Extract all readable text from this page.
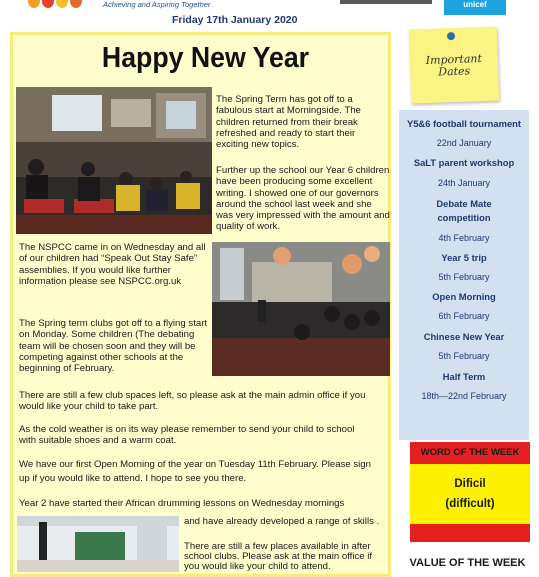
Achieving and Aspiring Together	unicef
Friday 17th January 2020
Happy New Year
The Spring Term has got off to a fabulous start at Morningside. The children returned from their break refreshed and ready to start their exciting new topics.
Further up the school our Year 6 children have been producing some excellent writing. I showed one of our governors around the school last week and she was very impressed with the amount and quality of work.
The NSPCC came in on Wednesday and all of our children had “Speak Out Stay Safe” assemblies. If you would like further information please see NSPCC.org.uk
The Spring term clubs got off to a flying start on Monday. Some children (The debating team will be chosen soon and they will be competing against other schools at the beginning of February.
There are still a few club spaces left, so please ask at the main admin office if you would like your child to take part.
As the cold weather is on its way please remember to send your child to school with suitable shoes and a warm coat.
We have our first Open Morning of the year on Tuesday 11th February. Please sign up if you would like to attend. I hope to see you there.
Year 2 have started their African drumming lessons on Wednesday mornings
and have already developed a range of skills .
There are still a few places available in after school clubs. Please ask at the main office if you would like your child to attend.
Important Dates
Y5&6 football tournament
22nd January
SaLT parent workshop
24th January
Debate Mate competition
4th February
Year 5 trip
5th February
Open Morning
6th February
Chinese New Year
5th February
Half Term
18th—22nd February
WORD OF THE WEEK
Dificil
(difficult)
VALUE OF THE WEEK
